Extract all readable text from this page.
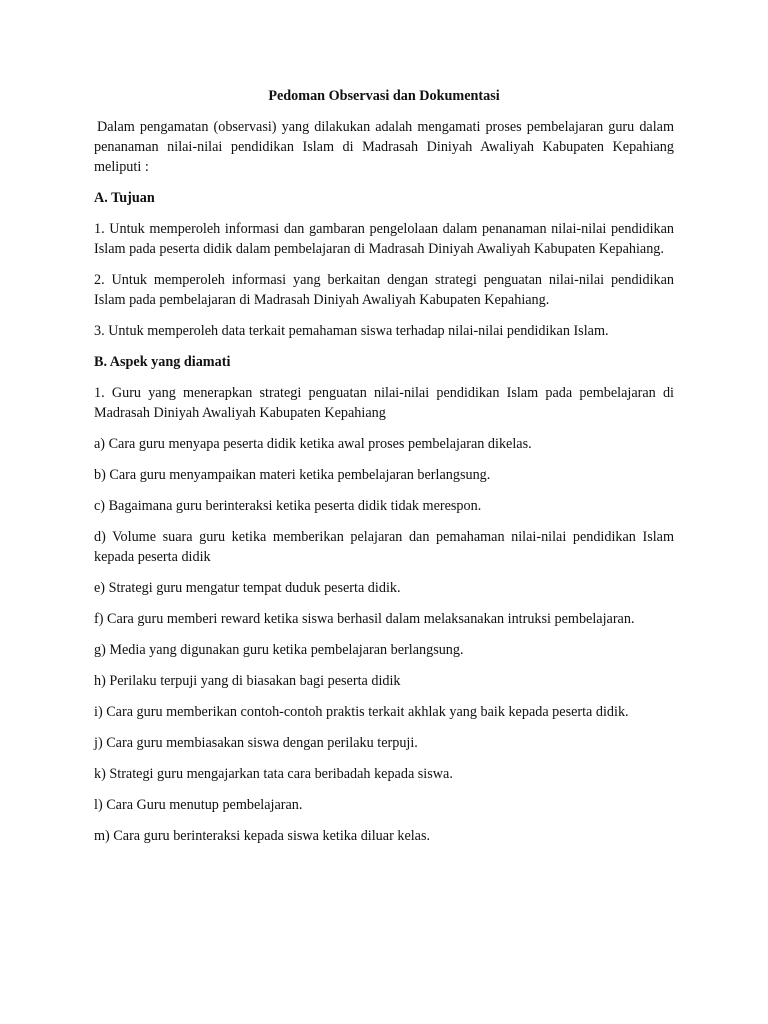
Pedoman Observasi dan Dokumentasi

Dalam pengamatan (observasi) yang dilakukan adalah mengamati proses pembelajaran guru dalam penanaman nilai-nilai pendidikan Islam di Madrasah Diniyah Awaliyah Kabupaten Kepahiang meliputi :

A. Tujuan

1. Untuk memperoleh informasi dan gambaran pengelolaan dalam penanaman nilai-nilai pendidikan Islam pada peserta didik dalam pembelajaran di Madrasah Diniyah Awaliyah Kabupaten Kepahiang.

2. Untuk memperoleh informasi yang berkaitan dengan strategi penguatan nilai-nilai pendidikan Islam pada pembelajaran di Madrasah Diniyah Awaliyah Kabupaten Kepahiang.

3. Untuk memperoleh data terkait pemahaman siswa terhadap nilai-nilai pendidikan Islam.

B. Aspek yang diamati

1. Guru yang menerapkan strategi penguatan nilai-nilai pendidikan Islam pada pembelajaran di Madrasah Diniyah Awaliyah Kabupaten Kepahiang

a) Cara guru menyapa peserta didik ketika awal proses pembelajaran dikelas.

b) Cara guru menyampaikan materi ketika pembelajaran berlangsung.

c) Bagaimana guru berinteraksi ketika peserta didik tidak merespon.

d) Volume suara guru ketika memberikan pelajaran dan pemahaman nilai-nilai pendidikan Islam kepada peserta didik

e) Strategi guru mengatur tempat duduk peserta didik.

f) Cara guru memberi reward ketika siswa berhasil dalam melaksanakan intruksi pembelajaran.

g) Media yang digunakan guru ketika pembelajaran berlangsung.

h) Perilaku terpuji yang di biasakan bagi peserta didik

i) Cara guru memberikan contoh-contoh praktis terkait akhlak yang baik kepada peserta didik.

j) Cara guru membiasakan siswa dengan perilaku terpuji.

k) Strategi guru mengajarkan tata cara beribadah kepada siswa.

l) Cara Guru menutup pembelajaran.

m) Cara guru berinteraksi kepada siswa ketika diluar kelas.
